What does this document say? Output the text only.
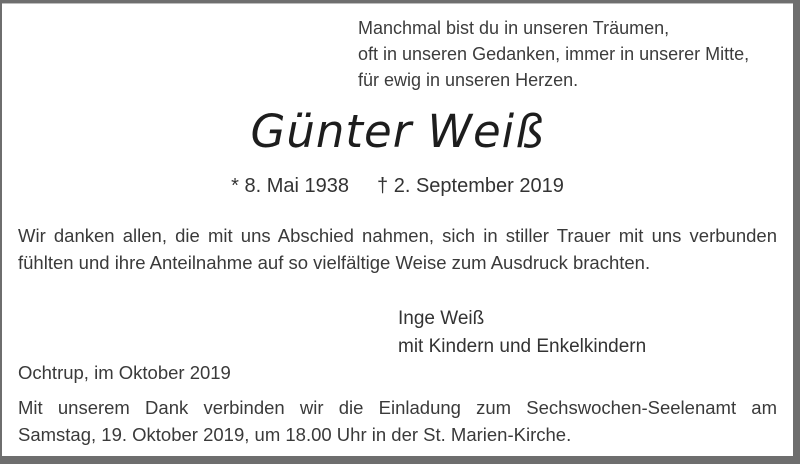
Manchmal bist du in unseren Träumen,
oft in unseren Gedanken, immer in unserer Mitte,
für ewig in unseren Herzen.
Günter Weiß
* 8. Mai 1938 † 2. September 2019
Wir danken allen, die mit uns Abschied nahmen, sich in stiller Trauer mit uns verbunden
fühlten und ihre Anteilnahme auf so vielfältige Weise zum Ausdruck brachten.
Inge Weiß
mit Kindern und Enkelkindern
Ochtrup, im Oktober 2019
Mit unserem Dank verbinden wir die Einladung zum Sechswochen-Seelenamt am
Samstag, 19. Oktober 2019, um 18.00 Uhr in der St. Marien-Kirche.
